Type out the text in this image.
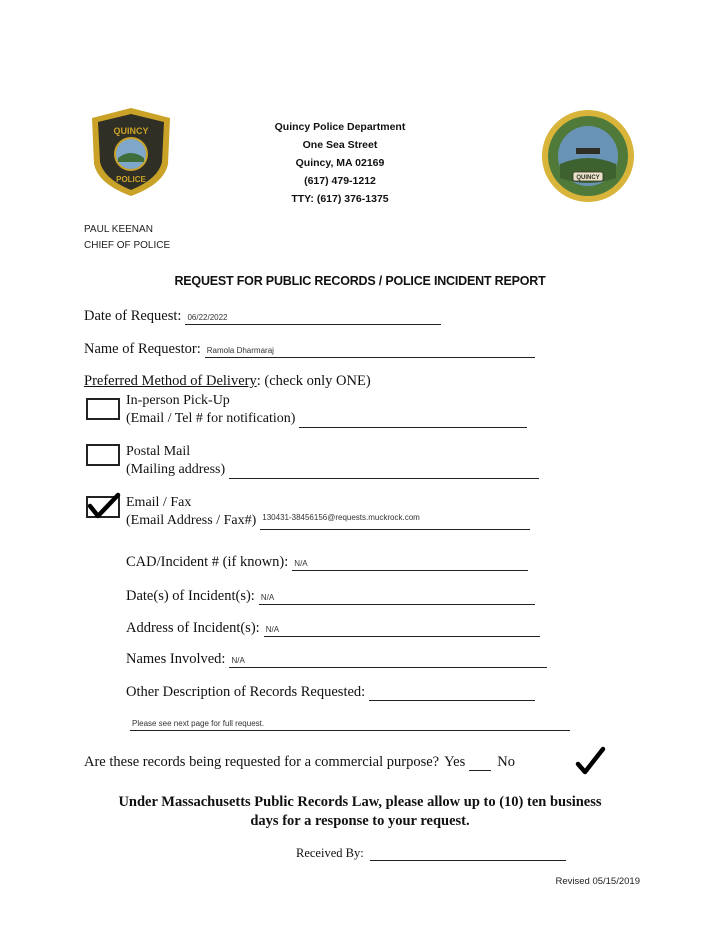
QUINCY
POLICE	QUINCY
Quincy Police Department
One Sea Street
Quincy, MA 02169
(617) 479-1212
TTY: (617) 376-1375
PAUL KEENAN
CHIEF OF POLICE
REQUEST FOR PUBLIC RECORDS / POLICE INCIDENT REPORT
Date of Request: 06/22/2022
Name of Requestor: Ramola Dharmaraj
Preferred Method of Delivery: (check only ONE)
In-person Pick-Up
(Email / Tel # for notification)
Postal Mail
(Mailing address)
Email / Fax
(Email Address / Fax#) 130431-38456156@requests.muckrock.com
CAD/Incident # (if known): N/A
Date(s) of Incident(s): N/A
Address of Incident(s): N/A
Names Involved: N/A
Other Description of Records Requested:
Please see next page for full request.
Are these records being requested for a commercial purpose? Yes No
Under Massachusetts Public Records Law, please allow up to (10) ten business
days for a response to your request.
Received By:
Revised 05/15/2019
